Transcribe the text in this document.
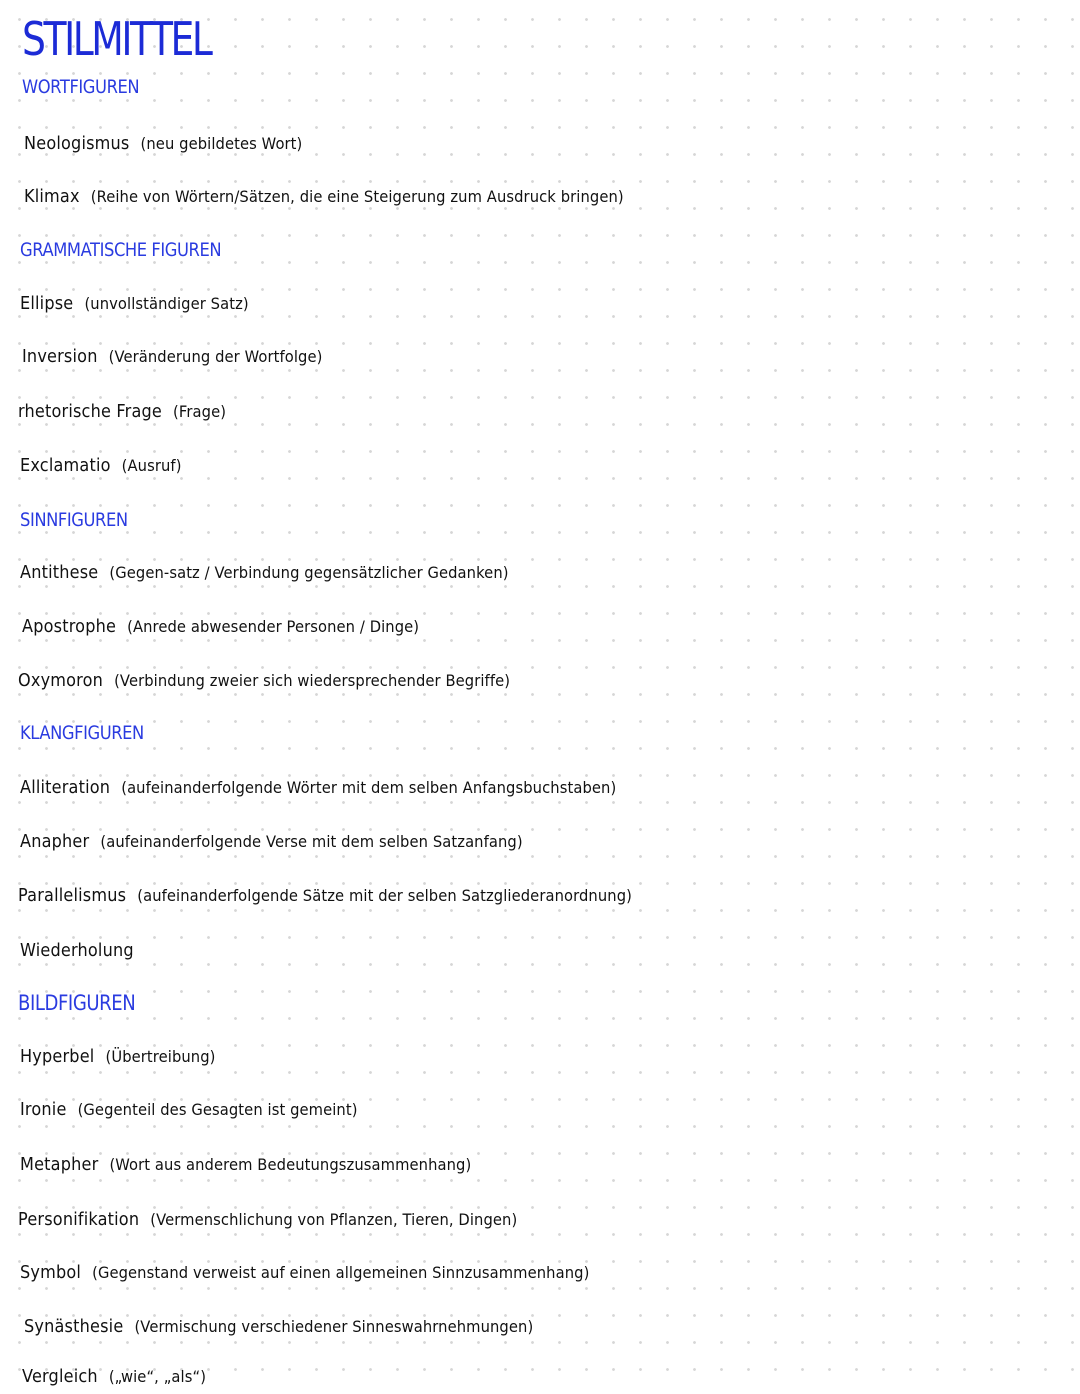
STILMITTEL
WORTFIGUREN

Neologismus (neu gebildetes Wort)

Klimax (Reihe von Wörtern/Sätzen, die eine Steigerung zum Ausdruck bringen)

GRAMMATISCHE FIGUREN

Ellipse (unvollständiger Satz)

Inversion (Veränderung der Wortfolge)

rhetorische Frage (Frage)

Exclamatio (Ausruf)

SINNFIGUREN

Antithese (Gegen-satz / Verbindung gegensätzlicher Gedanken)

Apostrophe (Anrede abwesender Personen / Dinge)

Oxymoron (Verbindung zweier sich wiedersprechender Begriffe)

KLANGFIGUREN

Alliteration (aufeinanderfolgende Wörter mit dem selben Anfangsbuchstaben)

Anapher (aufeinanderfolgende Verse mit dem selben Satzanfang)

Parallelismus (aufeinanderfolgende Sätze mit der selben Satzgliederanordnung)

Wiederholung

BILDFIGUREN

Hyperbel (Übertreibung)

Ironie (Gegenteil des Gesagten ist gemeint)

Metapher (Wort aus anderem Bedeutungszusammenhang)

Personifikation (Vermenschlichung von Pflanzen, Tieren, Dingen)

Symbol (Gegenstand verweist auf einen allgemeinen Sinnzusammenhang)

Synästhesie (Vermischung verschiedener Sinneswahrnehmungen)

Vergleich („wie“, „als“)
